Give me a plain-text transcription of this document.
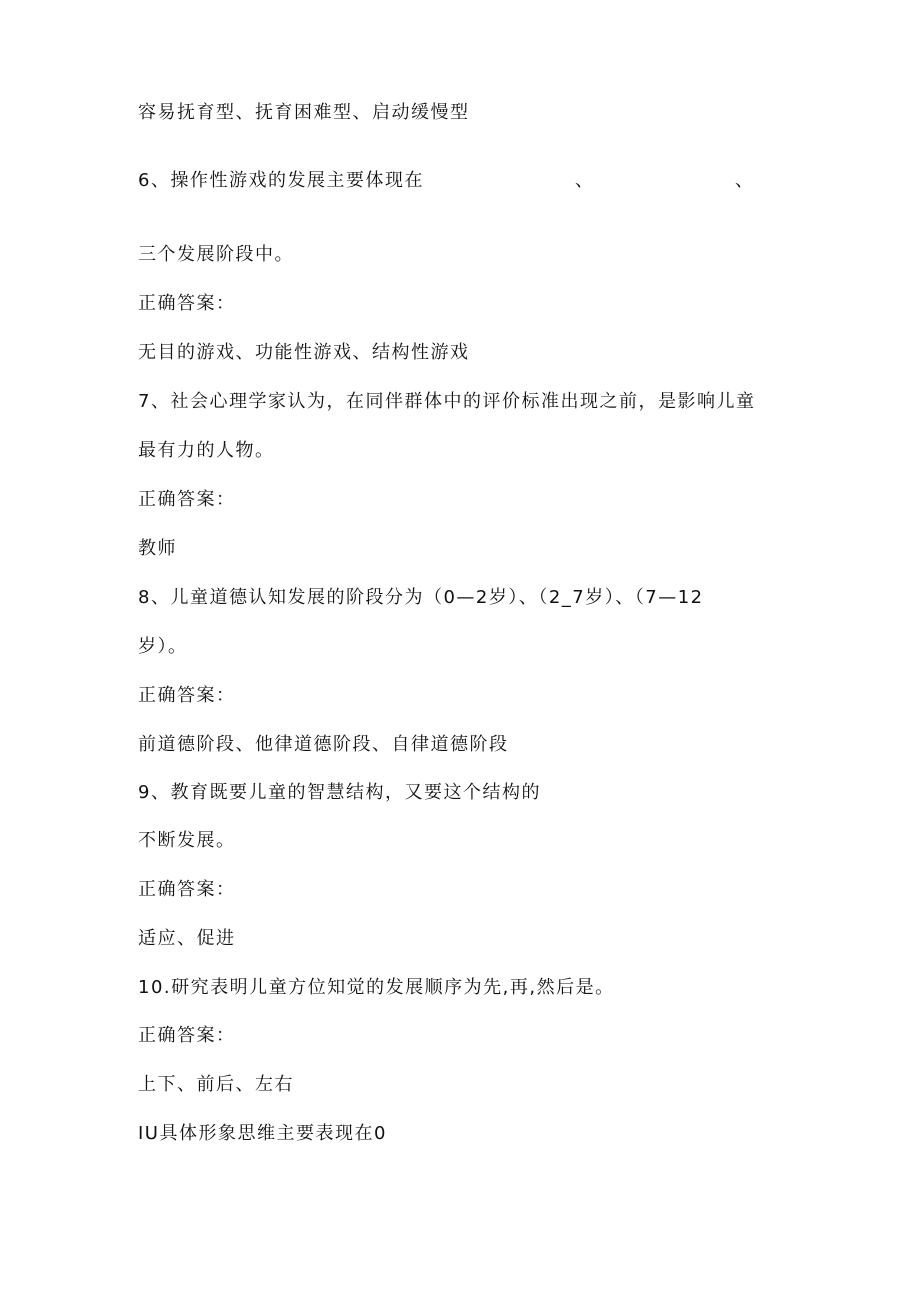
容易抚育型、抚育困难型、启动缓慢型

6、操作性游戏的发展主要体现在	、	、

三个发展阶段中。

正确答案：

无目的游戏、功能性游戏、结构性游戏

7、社会心理学家认为，在同伴群体中的评价标准出现之前，是影响儿童

最有力的人物。

正确答案：

教师

8、儿童道德认知发展的阶段分为（0—2岁）、（2_7岁）、（7—12

岁）。

正确答案：

前道德阶段、他律道德阶段、自律道德阶段

9、教育既要儿童的智慧结构，又要这个结构的

不断发展。

正确答案：

适应、促进

10.研究表明儿童方位知觉的发展顺序为先,再,然后是。

正确答案：

上下、前后、左右

IU具体形象思维主要表现在0
